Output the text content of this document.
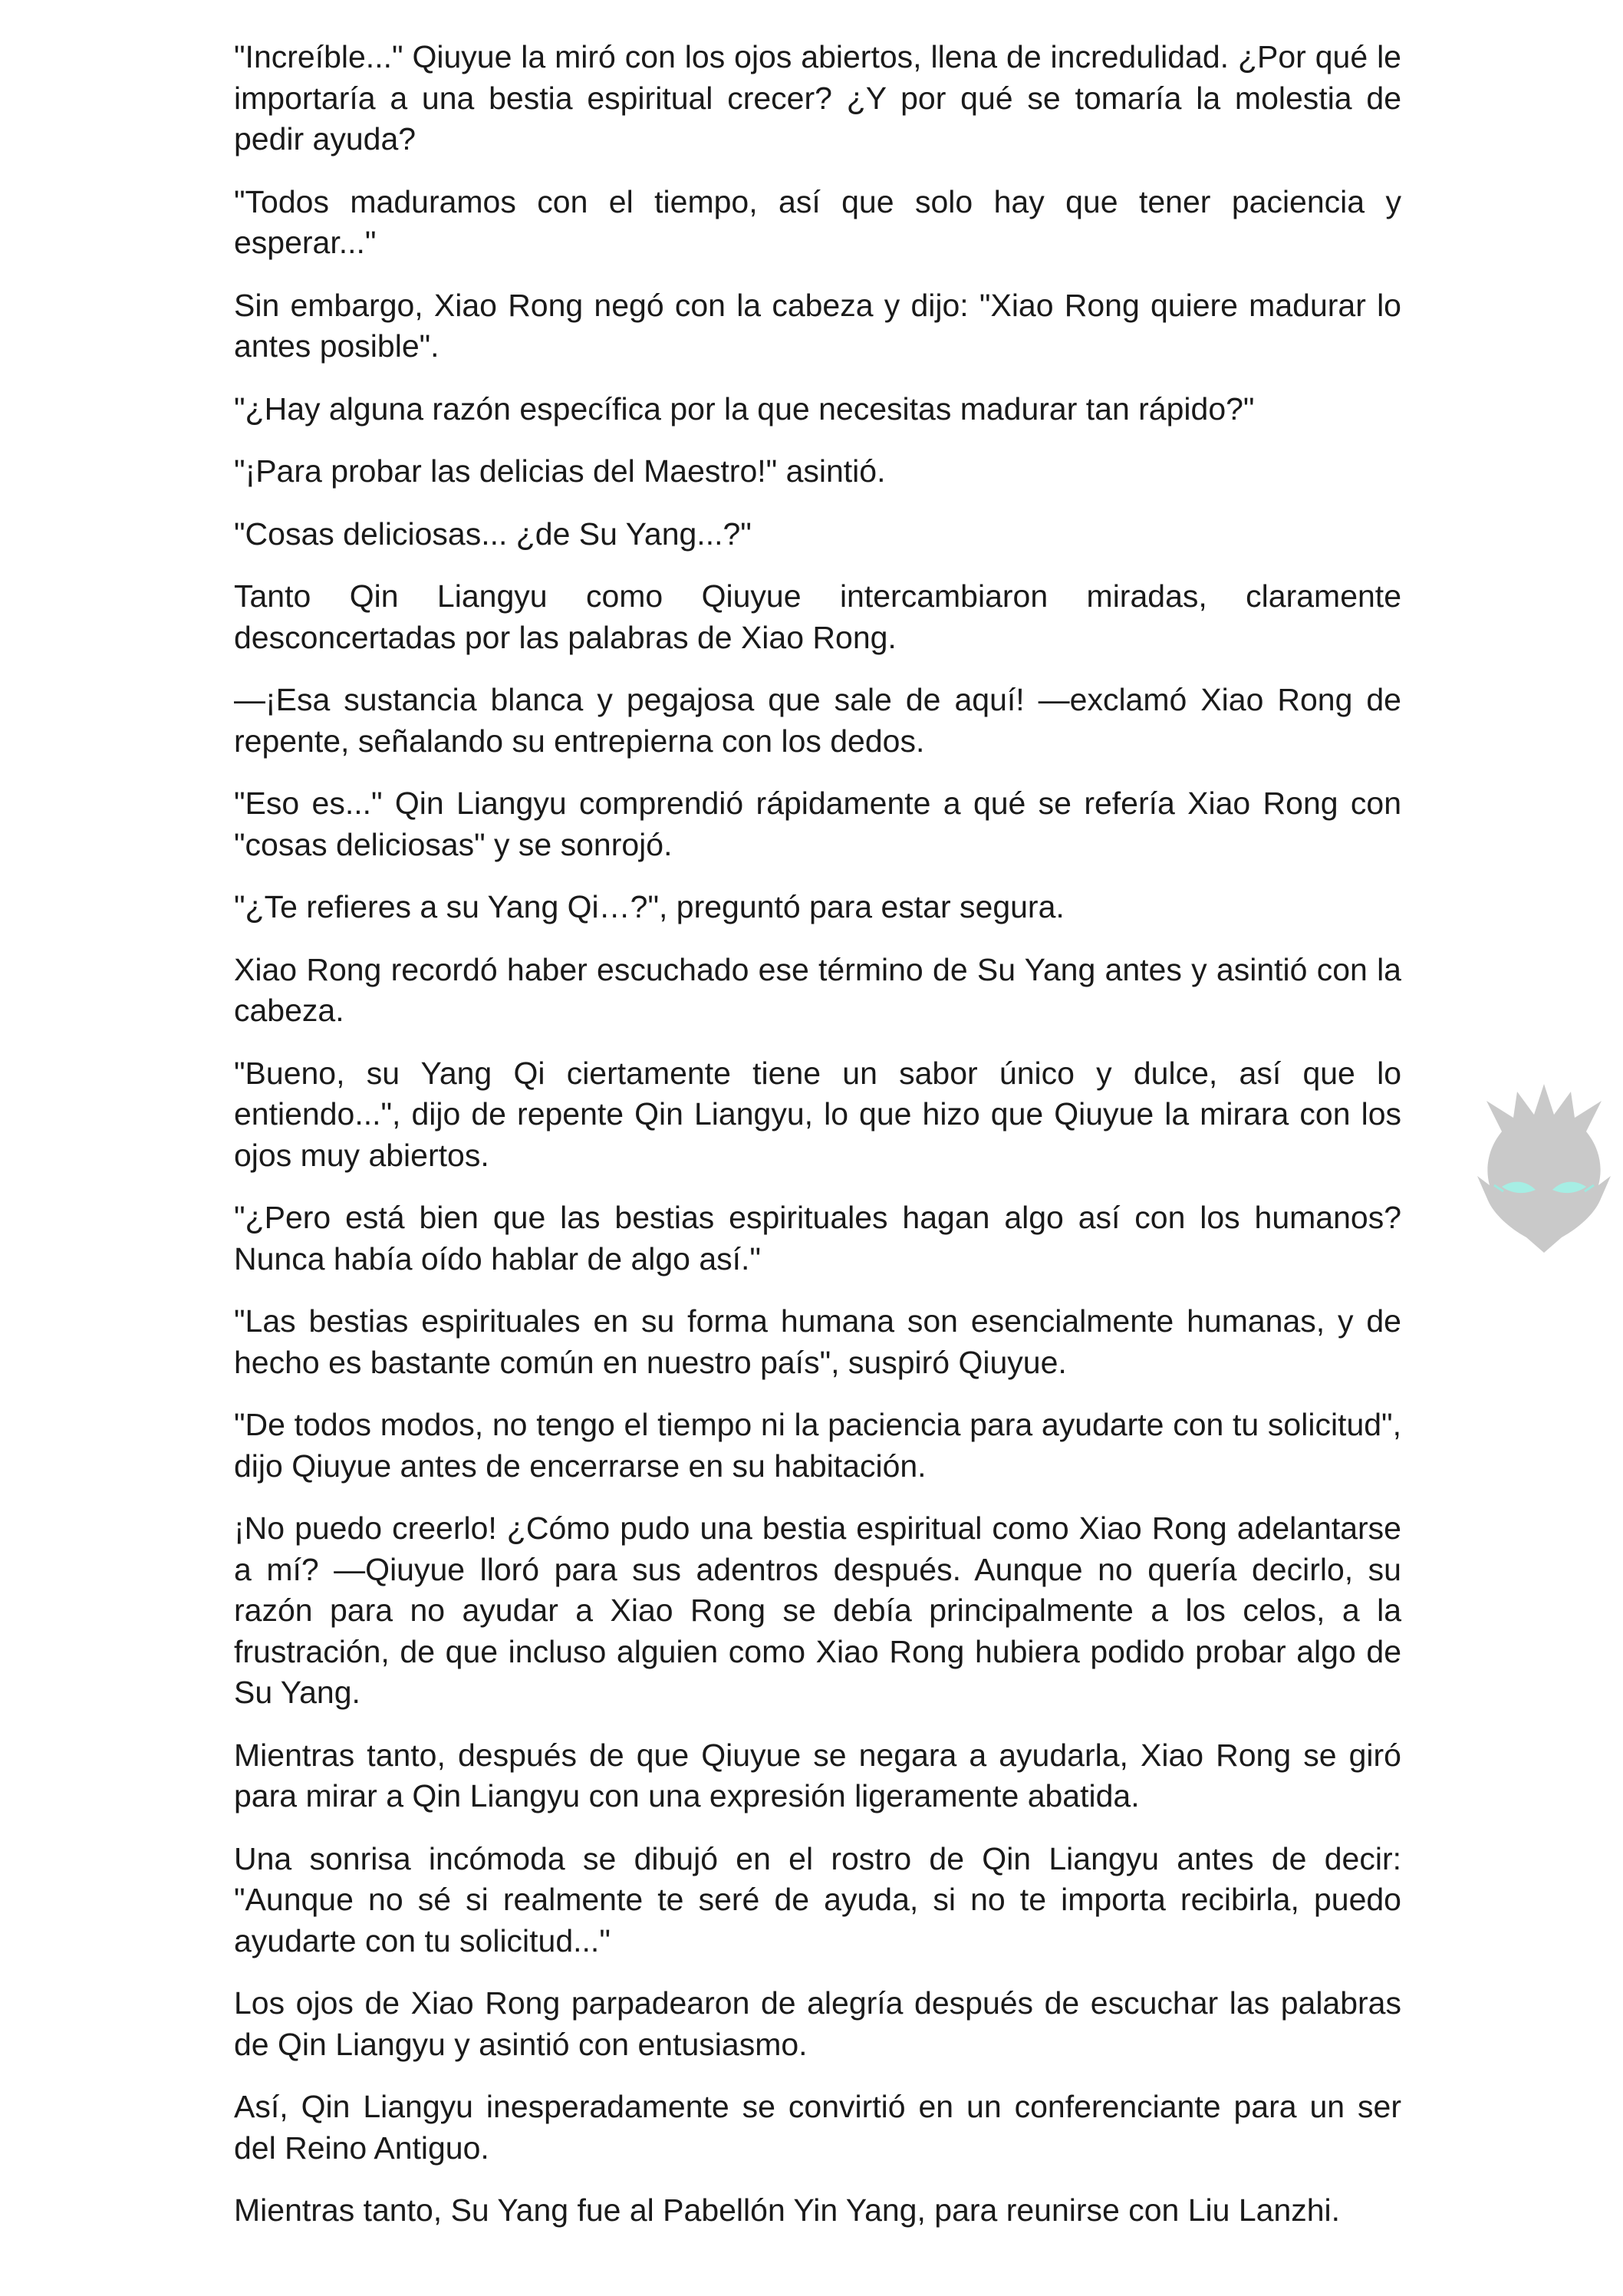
"Increíble..." Qiuyue la miró con los ojos abiertos, llena de incredulidad. ¿Por qué le importaría a una bestia espiritual crecer? ¿Y por qué se tomaría la molestia de pedir ayuda?

"Todos maduramos con el tiempo, así que solo hay que tener paciencia y esperar..."

Sin embargo, Xiao Rong negó con la cabeza y dijo: "Xiao Rong quiere madurar lo antes posible".

"¿Hay alguna razón específica por la que necesitas madurar tan rápido?"

"¡Para probar las delicias del Maestro!" asintió.

"Cosas deliciosas... ¿de Su Yang...?"

Tanto Qin Liangyu como Qiuyue intercambiaron miradas, claramente desconcertadas por las palabras de Xiao Rong.

—¡Esa sustancia blanca y pegajosa que sale de aquí! —exclamó Xiao Rong de repente, señalando su entrepierna con los dedos.

"Eso es..." Qin Liangyu comprendió rápidamente a qué se refería Xiao Rong con "cosas deliciosas" y se sonrojó.

"¿Te refieres a su Yang Qi…?", preguntó para estar segura.

Xiao Rong recordó haber escuchado ese término de Su Yang antes y asintió con la cabeza.

"Bueno, su Yang Qi ciertamente tiene un sabor único y dulce, así que lo entiendo...", dijo de repente Qin Liangyu, lo que hizo que Qiuyue la mirara con los ojos muy abiertos.

"¿Pero está bien que las bestias espirituales hagan algo así con los humanos? Nunca había oído hablar de algo así."

"Las bestias espirituales en su forma humana son esencialmente humanas, y de hecho es bastante común en nuestro país", suspiró Qiuyue.

"De todos modos, no tengo el tiempo ni la paciencia para ayudarte con tu solicitud", dijo Qiuyue antes de encerrarse en su habitación.

¡No puedo creerlo! ¿Cómo pudo una bestia espiritual como Xiao Rong adelantarse a mí? —Qiuyue lloró para sus adentros después. Aunque no quería decirlo, su razón para no ayudar a Xiao Rong se debía principalmente a los celos, a la frustración, de que incluso alguien como Xiao Rong hubiera podido probar algo de Su Yang.

Mientras tanto, después de que Qiuyue se negara a ayudarla, Xiao Rong se giró para mirar a Qin Liangyu con una expresión ligeramente abatida.

Una sonrisa incómoda se dibujó en el rostro de Qin Liangyu antes de decir: "Aunque no sé si realmente te seré de ayuda, si no te importa recibirla, puedo ayudarte con tu solicitud..."

Los ojos de Xiao Rong parpadearon de alegría después de escuchar las palabras de Qin Liangyu y asintió con entusiasmo.

Así, Qin Liangyu inesperadamente se convirtió en un conferenciante para un ser del Reino Antiguo.

Mientras tanto, Su Yang fue al Pabellón Yin Yang, para reunirse con Liu Lanzhi.
